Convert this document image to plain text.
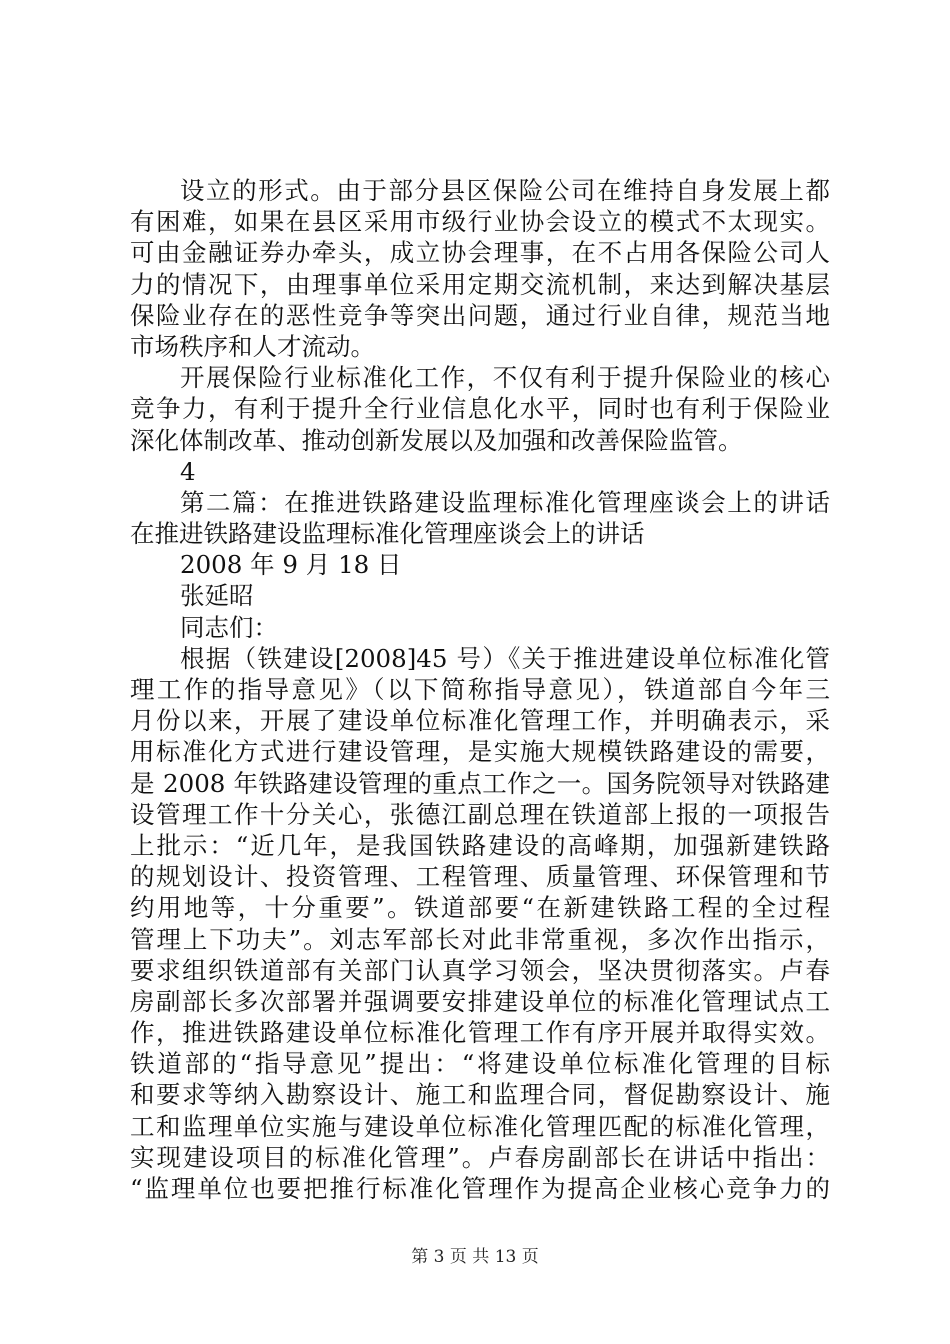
设立的形式。由于部分县区保险公司在维持自身发展上都
有困难，如果在县区采用市级行业协会设立的模式不太现实。
可由金融证券办牵头，成立协会理事，在不占用各保险公司人
力的情况下，由理事单位采用定期交流机制，来达到解决基层
保险业存在的恶性竞争等突出问题，通过行业自律，规范当地
市场秩序和人才流动。
开展保险行业标准化工作，不仅有利于提升保险业的核心
竞争力，有利于提升全行业信息化水平，同时也有利于保险业
深化体制改革、推动创新发展以及加强和改善保险监管。
4
第二篇：在推进铁路建设监理标准化管理座谈会上的讲话
在推进铁路建设监理标准化管理座谈会上的讲话
2008 年 9 月 18 日
张延昭
同志们：
根据（铁建设[2008]45 号）《关于推进建设单位标准化管
理工作的指导意见》（以下简称指导意见），铁道部自今年三
月份以来，开展了建设单位标准化管理工作，并明确表示，采
用标准化方式进行建设管理，是实施大规模铁路建设的需要，
是 2008 年铁路建设管理的重点工作之一。国务院领导对铁路建
设管理工作十分关心，张德江副总理在铁道部上报的一项报告
上批示：“近几年，是我国铁路建设的高峰期，加强新建铁路
的规划设计、投资管理、工程管理、质量管理、环保管理和节
约用地等，十分重要”。铁道部要“在新建铁路工程的全过程
管理上下功夫”。刘志军部长对此非常重视，多次作出指示，
要求组织铁道部有关部门认真学习领会，坚决贯彻落实。卢春
房副部长多次部署并强调要安排建设单位的标准化管理试点工
作，推进铁路建设单位标准化管理工作有序开展并取得实效。
铁道部的“指导意见”提出：“将建设单位标准化管理的目标
和要求等纳入勘察设计、施工和监理合同，督促勘察设计、施
工和监理单位实施与建设单位标准化管理匹配的标准化管理，
实现建设项目的标准化管理”。卢春房副部长在讲话中指出：
“监理单位也要把推行标准化管理作为提高企业核心竞争力的
第 3 页 共 13 页
